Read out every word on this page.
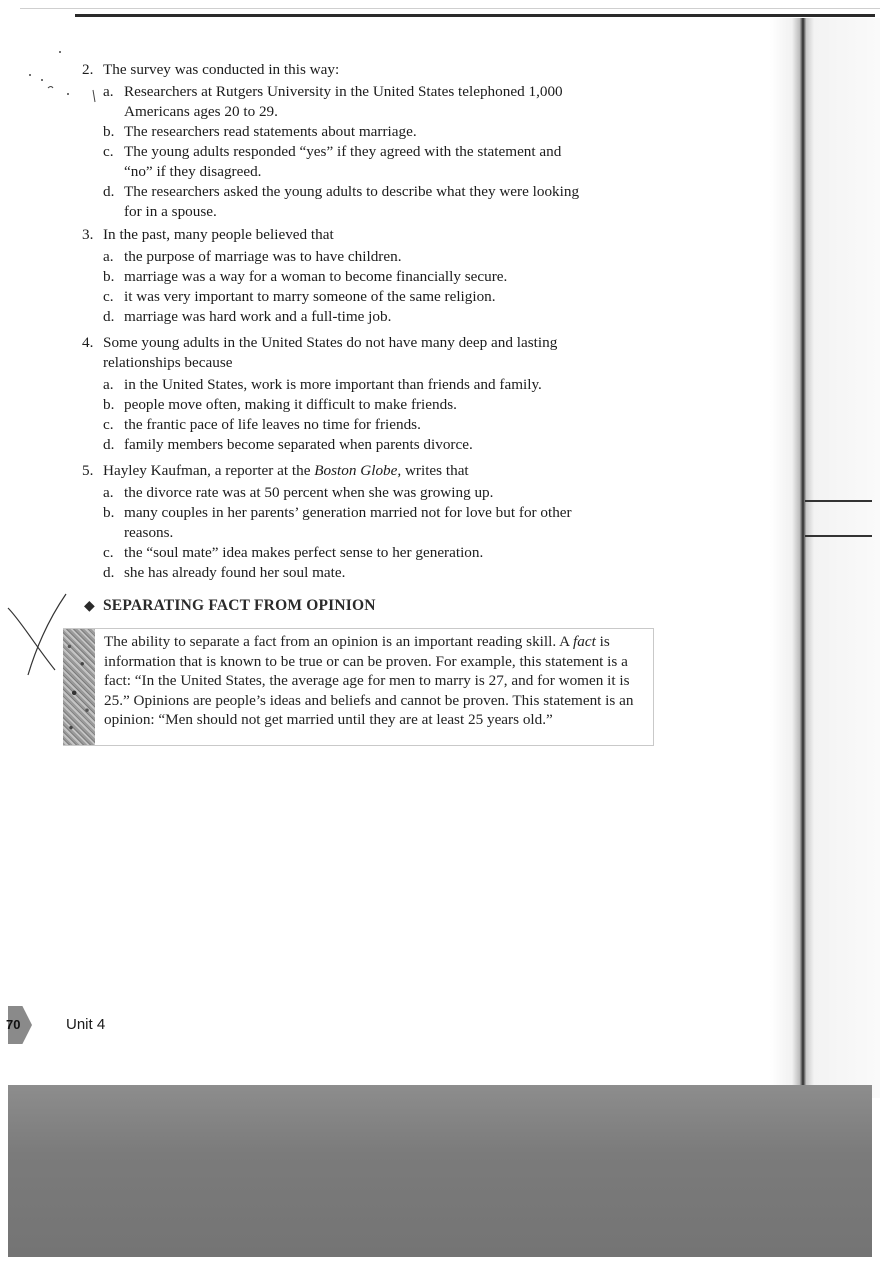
2. The survey was conducted in this way:
a. Researchers at Rutgers University in the United States telephoned 1,000
Americans ages 20 to 29.
b. The researchers read statements about marriage.
c. The young adults responded “yes” if they agreed with the statement and
“no” if they disagreed.
d. The researchers asked the young adults to describe what they were looking
for in a spouse.
3. In the past, many people believed that
a. the purpose of marriage was to have children.
b. marriage was a way for a woman to become financially secure.
c. it was very important to marry someone of the same religion.
d. marriage was hard work and a full-time job.
4. Some young adults in the United States do not have many deep and lasting
relationships because
a. in the United States, work is more important than friends and family.
b. people move often, making it difficult to make friends.
c. the frantic pace of life leaves no time for friends.
d. family members become separated when parents divorce.
5. Hayley Kaufman, a reporter at the Boston Globe, writes that
a. the divorce rate was at 50 percent when she was growing up.
b. many couples in her parents’ generation married not for love but for other
reasons.
c. the “soul mate” idea makes perfect sense to her generation.
d. she has already found her soul mate.
◆ SEPARATING FACT FROM OPINION
The ability to separate a fact from an opinion is an important reading skill. A fact is information that is known to be true or can be proven. For example, this statement is a fact: “In the United States, the average age for men to marry is 27, and for women it is 25.” Opinions are people’s ideas and beliefs and cannot be proven. This statement is an opinion: “Men should not get married until they are at least 25 years old.”
70	Unit 4
